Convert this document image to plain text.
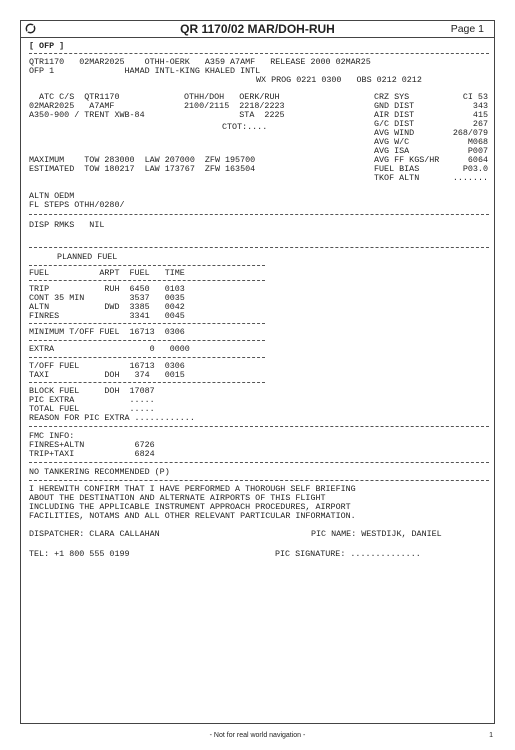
QR 1170/02 MAR/DOH-RUH	Page 1
[ OFP ]
QTR1170   02MAR2025    OTHH-OERK   A359 A7AMF   RELEASE 2000 02MAR25
OFP 1              HAMAD INTL-KING KHALED INTL
WX PROG 0221 0300   OBS 0212 0212
ATC C/S  QTR1170
02MAR2025   A7AMF
A350-900 / TRENT XWB-84
OTHH/DOH   OERK/RUH
2100/2115  2218/2223
STA  2225
CTOT:....
CRZ SYS	CI 53
GND DIST	343
AIR DIST	415
G/C DIST	267
AVG WIND	268/079
AVG W/C	M068
AVG ISA	P007
AVG FF KGS/HR	6064
FUEL BIAS	P03.0
TKOF ALTN	.......
MAXIMUM    TOW 283000  LAW 207000  ZFW 195700
ESTIMATED  TOW 180217  LAW 173767  ZFW 163504
ALTN OEDM
FL STEPS OTHH/0280/
DISP RMKS   NIL
PLANNED FUEL
FUEL          ARPT  FUEL   TIME
TRIP           RUH  6450   0103
CONT 35 MIN         3537   0035
ALTN           DWD  3385   0042
FINRES              3341   0045
MINIMUM T/OFF FUEL  16713  0306
EXTRA                   0   0000
T/OFF FUEL          16713  0306
TAXI           DOH   374   0015
BLOCK FUEL     DOH  17087
PIC EXTRA           .....
TOTAL FUEL          .....
REASON FOR PIC EXTRA ............
FMC INFO:
FINRES+ALTN          6726
TRIP+TAXI            6824
NO TANKERING RECOMMENDED (P)
I HEREWITH CONFIRM THAT I HAVE PERFORMED A THOROUGH SELF BRIEFING
ABOUT THE DESTINATION AND ALTERNATE AIRPORTS OF THIS FLIGHT
INCLUDING THE APPLICABLE INSTRUMENT APPROACH PROCEDURES, AIRPORT
FACILITIES, NOTAMS AND ALL OTHER RELEVANT PARTICULAR INFORMATION.
DISPATCHER: CLARA CALLAHAN	PIC NAME: WESTDIJK, DANIEL
TEL: +1 800 555 0199	PIC SIGNATURE: ..............
- Not for real world navigation -	1
